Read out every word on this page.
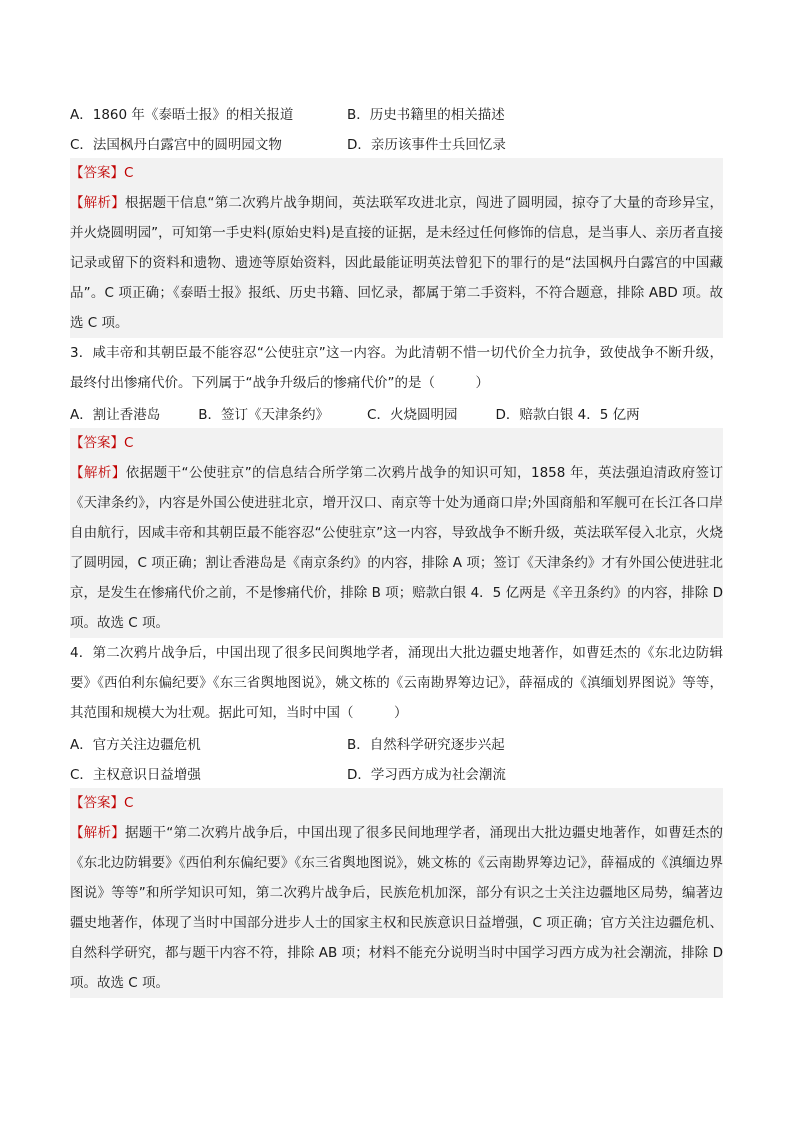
A．1860 年《泰晤士报》的相关报道	B．历史书籍里的相关描述
C．法国枫丹白露宫中的圆明园文物	D．亲历该事件士兵回忆录
【答案】C
【解析】根据题干信息“第二次鸦片战争期间，英法联军攻进北京，闯进了圆明园，掠夺了大量的奇珍异宝，并火烧圆明园”，可知第一手史料(原始史料)是直接的证据，是未经过任何修饰的信息，是当事人、亲历者直接记录或留下的资料和遗物、遗迹等原始资料，因此最能证明英法曾犯下的罪行的是“法国枫丹白露宫的中国藏品”。C 项正确；《泰晤士报》报纸、历史书籍、回忆录，都属于第二手资料，不符合题意，排除 ABD 项。故选 C 项。
3．咸丰帝和其朝臣最不能容忍“公使驻京”这一内容。为此清朝不惜一切代价全力抗争，致使战争不断升级，最终付出惨痛代价。下列属于“战争升级后的惨痛代价”的是（　　　）
A．割让香港岛	B．签订《天津条约》	C．火烧圆明园	D．赔款白银 4．5 亿两
【答案】C
【解析】依据题干“公使驻京”的信息结合所学第二次鸦片战争的知识可知，1858 年，英法强迫清政府签订《天津条约》，内容是外国公使进驻北京，增开汉口、南京等十处为通商口岸;外国商船和军舰可在长江各口岸自由航行，因咸丰帝和其朝臣最不能容忍“公使驻京”这一内容，导致战争不断升级，英法联军侵入北京，火烧了圆明园，C 项正确；割让香港岛是《南京条约》的内容，排除 A 项；签订《天津条约》才有外国公使进驻北京，是发生在惨痛代价之前，不是惨痛代价，排除 B 项；赔款白银 4．5 亿两是《辛丑条约》的内容，排除 D 项。故选 C 项。
4．第二次鸦片战争后，中国出现了很多民间舆地学者，涌现出大批边疆史地著作，如曹廷杰的《东北边防辑要》《西伯利东偏纪要》《东三省舆地图说》，姚文栋的《云南勘界筹边记》，薛福成的《滇缅划界图说》等等，其范围和规模大为壮观。据此可知，当时中国（　　　）
A．官方关注边疆危机	B．自然科学研究逐步兴起
C．主权意识日益增强	D．学习西方成为社会潮流
【答案】C
【解析】据题干“第二次鸦片战争后，中国出现了很多民间地理学者，涌现出大批边疆史地著作，如曹廷杰的《东北边防辑要》《西伯利东偏纪要》《东三省舆地图说》，姚文栋的《云南勘界筹边记》，薛福成的《滇缅边界图说》等等”和所学知识可知，第二次鸦片战争后，民族危机加深，部分有识之士关注边疆地区局势，编著边疆史地著作，体现了当时中国部分进步人士的国家主权和民族意识日益增强，C 项正确；官方关注边疆危机、自然科学研究，都与题干内容不符，排除 AB 项；材料不能充分说明当时中国学习西方成为社会潮流，排除 D 项。故选 C 项。
